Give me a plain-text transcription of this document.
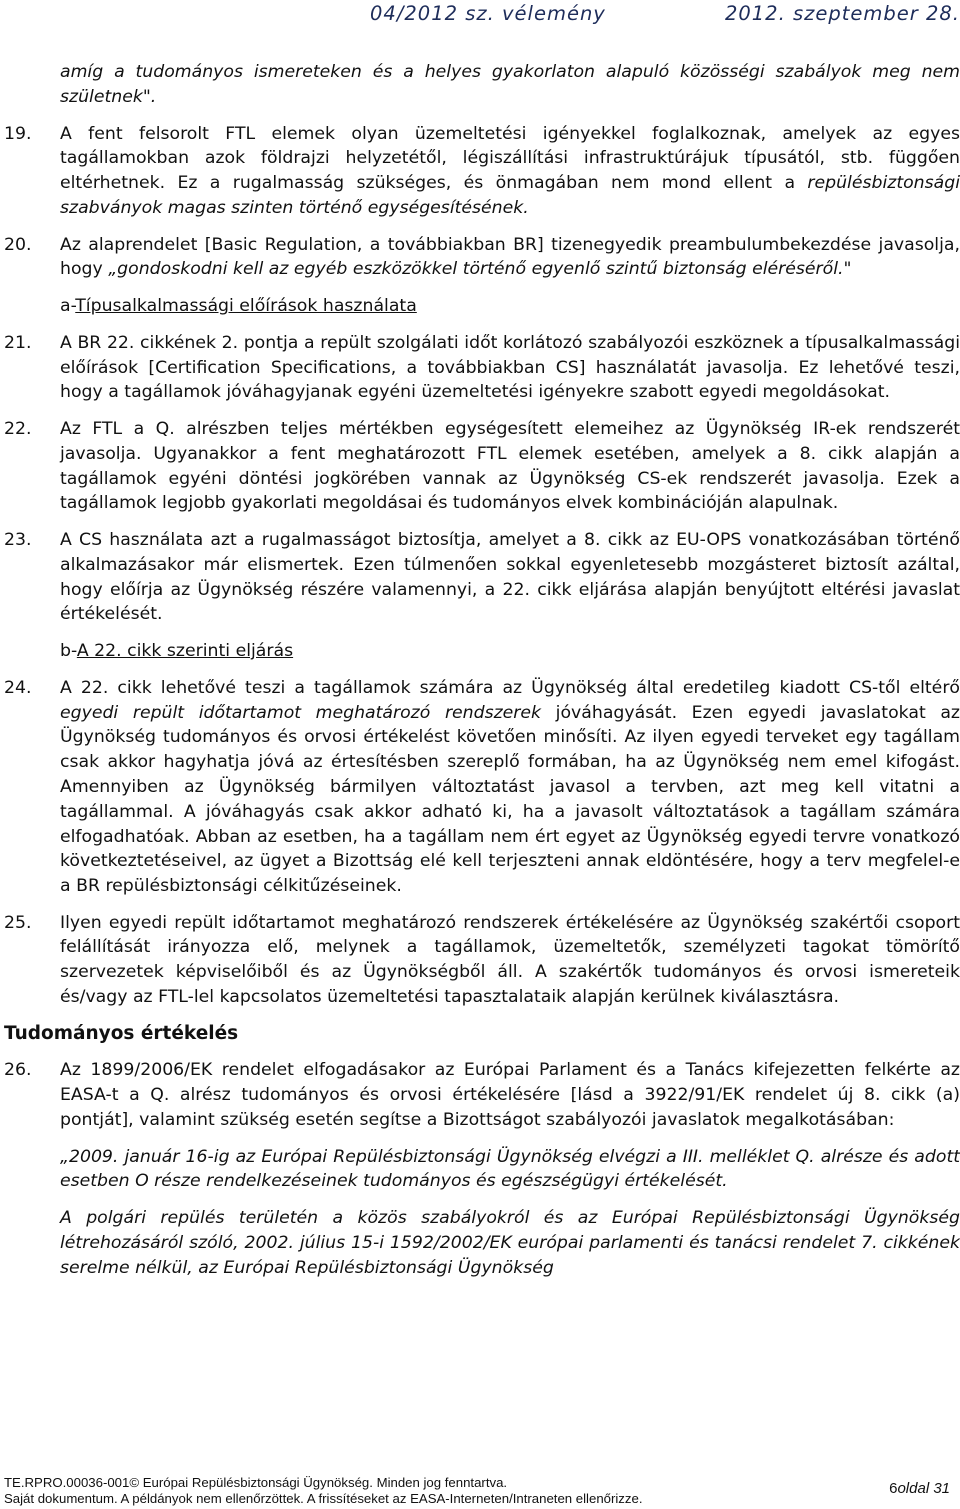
04/2012 sz. vélemény	2012. szeptember 28.

amíg a tudományos ismereteken és a helyes gyakorlaton alapuló közösségi szabályok meg nem születnek".

19. A fent felsorolt FTL elemek olyan üzemeltetési igényekkel foglalkoznak, amelyek az egyes tagállamokban azok földrajzi helyzetétől, légiszállítási infrastruktúrájuk típusától, stb. függően eltérhetnek. Ez a rugalmasság szükséges, és önmagában nem mond ellent a repülésbiztonsági szabványok magas szinten történő egységesítésének.
20. Az alaprendelet [Basic Regulation, a továbbiakban BR] tizenegyedik preambulumbekezdése javasolja, hogy „gondoskodni kell az egyéb eszközökkel történő egyenlő szintű biztonság eléréséről."
a-Típusalkalmassági előírások használata
21. A BR 22. cikkének 2. pontja a repült szolgálati időt korlátozó szabályozói eszköznek a típusalkalmassági előírások [Certification Specifications, a továbbiakban CS] használatát javasolja. Ez lehetővé teszi, hogy a tagállamok jóváhagyjanak egyéni üzemeltetési igényekre szabott egyedi megoldásokat.
22. Az FTL a Q. alrészben teljes mértékben egységesített elemeihez az Ügynökség IR-ek rendszerét javasolja. Ugyanakkor a fent meghatározott FTL elemek esetében, amelyek a 8. cikk alapján a tagállamok egyéni döntési jogkörében vannak az Ügynökség CS-ek rendszerét javasolja. Ezek a tagállamok legjobb gyakorlati megoldásai és tudományos elvek kombinációján alapulnak.
23. A CS használata azt a rugalmasságot biztosítja, amelyet a 8. cikk az EU-OPS vonatkozásában történő alkalmazásakor már elismertek. Ezen túlmenően sokkal egyenletesebb mozgásteret biztosít azáltal, hogy előírja az Ügynökség részére valamennyi, a 22. cikk eljárása alapján benyújtott eltérési javaslat értékelését.
b-A 22. cikk szerinti eljárás
24. A 22. cikk lehetővé teszi a tagállamok számára az Ügynökség által eredetileg kiadott CS-től eltérő egyedi repült időtartamot meghatározó rendszerek jóváhagyását. Ezen egyedi javaslatokat az Ügynökség tudományos és orvosi értékelést követően minősíti. Az ilyen egyedi terveket egy tagállam csak akkor hagyhatja jóvá az értesítésben szereplő formában, ha az Ügynökség nem emel kifogást. Amennyiben az Ügynökség bármilyen változtatást javasol a tervben, azt meg kell vitatni a tagállammal. A jóváhagyás csak akkor adható ki, ha a javasolt változtatások a tagállam számára elfogadhatóak. Abban az esetben, ha a tagállam nem ért egyet az Ügynökség egyedi tervre vonatkozó következtetéseivel, az ügyet a Bizottság elé kell terjeszteni annak eldöntésére, hogy a terv megfelel-e a BR repülésbiztonsági célkitűzéseinek.
25. Ilyen egyedi repült időtartamot meghatározó rendszerek értékelésére az Ügynökség szakértői csoport felállítását irányozza elő, melynek a tagállamok, üzemeltetők, személyzeti tagokat tömörítő szervezetek képviselőiből és az Ügynökségből áll. A szakértők tudományos és orvosi ismereteik és/vagy az FTL-lel kapcsolatos üzemeltetési tapasztalataik alapján kerülnek kiválasztásra.
Tudományos értékelés
26. Az 1899/2006/EK rendelet elfogadásakor az Európai Parlament és a Tanács kifejezetten felkérte az EASA-t a Q. alrész tudományos és orvosi értékelésére [lásd a 3922/91/EK rendelet új 8. cikk (a) pontját], valamint szükség esetén segítse a Bizottságot szabályozói javaslatok megalkotásában:

„2009. január 16-ig az Európai Repülésbiztonsági Ügynökség elvégzi a III. melléklet Q. alrésze és adott esetben O része rendelkezéseinek tudományos és egészségügyi értékelését.

A polgári repülés területén a közös szabályokról és az Európai Repülésbiztonsági Ügynökség létrehozásáról szóló, 2002. július 15-i 1592/2002/EK európai parlamenti és tanácsi rendelet 7. cikkének serelme nélkül, az Európai Repülésbiztonsági Ügynökség

TE.RPRO.00036-001© Európai Repülésbiztonsági Ügynökség. Minden jog fenntartva.
Saját dokumentum. A példányok nem ellenőrzöttek. A frissítéseket az EASA-Interneten/Intraneten ellenőrizze.
6oldal 31
